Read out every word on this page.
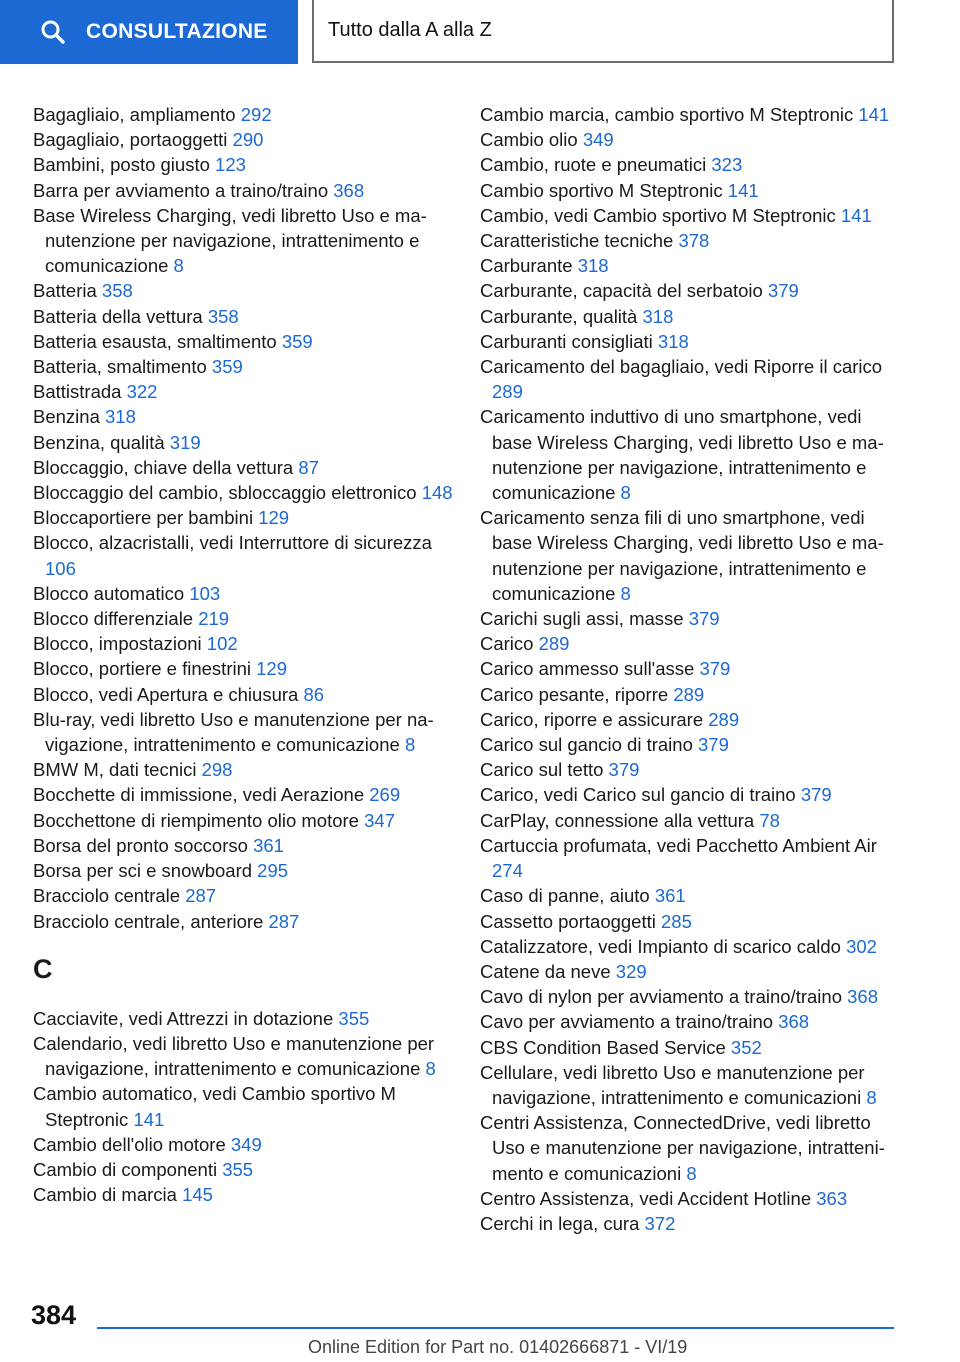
CONSULTAZIONE	Tutto dalla A alla Z

Bagagliaio, ampliamento 292

Bagagliaio, portaoggetti 290

Bambini, posto giusto 123

Barra per avviamento a traino/traino 368

Base Wireless Charging, vedi libretto Uso e manutenzione per navigazione, intrattenimento e comunicazione 8

Batteria 358

Batteria della vettura 358

Batteria esausta, smaltimento 359

Batteria, smaltimento 359

Battistrada 322

Benzina 318

Benzina, qualità 319

Bloccaggio, chiave della vettura 87

Bloccaggio del cambio, sbloccaggio elettronico 148

Bloccaportiere per bambini 129

Blocco, alzacristalli, vedi Interruttore di sicurezza 106

Blocco automatico 103

Blocco differenziale 219

Blocco, impostazioni 102

Blocco, portiere e finestrini 129

Blocco, vedi Apertura e chiusura 86

Blu-ray, vedi libretto Uso e manutenzione per navigazione, intrattenimento e comunicazione 8

BMW M, dati tecnici 298

Bocchette di immissione, vedi Aerazione 269

Bocchettone di riempimento olio motore 347

Borsa del pronto soccorso 361

Borsa per sci e snowboard 295

Bracciolo centrale 287

Bracciolo centrale, anteriore 287

C

Cacciavite, vedi Attrezzi in dotazione 355

Calendario, vedi libretto Uso e manutenzione per navigazione, intrattenimento e comunicazione 8

Cambio automatico, vedi Cambio sportivo M Steptronic 141

Cambio dell'olio motore 349

Cambio di componenti 355

Cambio di marcia 145

Cambio marcia, cambio sportivo M Steptronic 141

Cambio olio 349

Cambio, ruote e pneumatici 323

Cambio sportivo M Steptronic 141

Cambio, vedi Cambio sportivo M Steptronic 141

Caratteristiche tecniche 378

Carburante 318

Carburante, capacità del serbatoio 379

Carburante, qualità 318

Carburanti consigliati 318

Caricamento del bagagliaio, vedi Riporre il carico 289

Caricamento induttivo di uno smartphone, vedi base Wireless Charging, vedi libretto Uso e manutenzione per navigazione, intrattenimento e comunicazione 8

Caricamento senza fili di uno smartphone, vedi base Wireless Charging, vedi libretto Uso e manutenzione per navigazione, intrattenimento e comunicazione 8

Carichi sugli assi, masse 379

Carico 289

Carico ammesso sull'asse 379

Carico pesante, riporre 289

Carico, riporre e assicurare 289

Carico sul gancio di traino 379

Carico sul tetto 379

Carico, vedi Carico sul gancio di traino 379

CarPlay, connessione alla vettura 78

Cartuccia profumata, vedi Pacchetto Ambient Air 274

Caso di panne, aiuto 361

Cassetto portaoggetti 285

Catalizzatore, vedi Impianto di scarico caldo 302

Catene da neve 329

Cavo di nylon per avviamento a traino/traino 368

Cavo per avviamento a traino/traino 368

CBS Condition Based Service 352

Cellulare, vedi libretto Uso e manutenzione per navigazione, intrattenimento e comunicazioni 8

Centri Assistenza, ConnectedDrive, vedi libretto Uso e manutenzione per navigazione, intrattenimento e comunicazioni 8

Centro Assistenza, vedi Accident Hotline 363

Cerchi in lega, cura 372

384
Online Edition for Part no. 01402666871 - VI/19
